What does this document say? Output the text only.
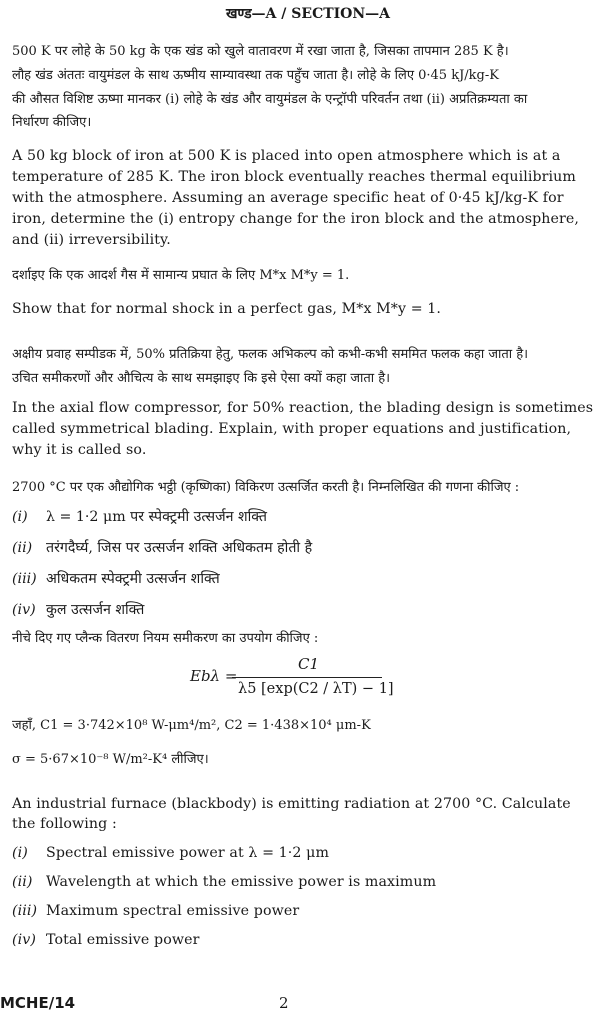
खण्ड—A / SECTION—A
500 K पर लोहे के 50 kg के एक खंड को खुले वातावरण में रखा जाता है, जिसका तापमान 285 K है।
लौह खंड अंततः वायुमंडल के साथ ऊष्मीय साम्यावस्था तक पहुँच जाता है। लोहे के लिए 0·45 kJ/kg-K
की औसत विशिष्ट ऊष्मा मानकर (i) लोहे के खंड और वायुमंडल के एन्ट्रॉपी परिवर्तन तथा (ii) अप्रतिक्रम्यता का
निर्धारण कीजिए।
A 50 kg block of iron at 500 K is placed into open atmosphere which is at a
temperature of 285 K. The iron block eventually reaches thermal equilibrium
with the atmosphere. Assuming an average specific heat of 0·45 kJ/kg-K for
iron, determine the (i) entropy change for the iron block and the atmosphere,
and (ii) irreversibility.
दर्शाइए कि एक आदर्श गैस में सामान्य प्रघात के लिए M*x M*y = 1.
Show that for normal shock in a perfect gas, M*x M*y = 1.
अक्षीय प्रवाह सम्पीडक में, 50% प्रतिक्रिया हेतु, फलक अभिकल्प को कभी-कभी सममित फलक कहा जाता है।
उचित समीकरणों और औचित्य के साथ समझाइए कि इसे ऐसा क्यों कहा जाता है।
In the axial flow compressor, for 50% reaction, the blading design is sometimes
called symmetrical blading. Explain, with proper equations and justification,
why it is called so.
2700 °C पर एक औद्योगिक भट्ठी (कृष्णिका) विकिरण उत्सर्जित करती है। निम्नलिखित की गणना कीजिए :
(i) λ = 1·2 μm पर स्पेक्ट्रमी उत्सर्जन शक्ति
(ii) तरंगदैर्घ्य, जिस पर उत्सर्जन शक्ति अधिकतम होती है
(iii) अधिकतम स्पेक्ट्रमी उत्सर्जन शक्ति
(iv) कुल उत्सर्जन शक्ति
नीचे दिए गए प्लैन्क वितरण नियम समीकरण का उपयोग कीजिए :
Ebλ =
C1
λ5 [exp(C2 / λT) − 1]
जहाँ, C1 = 3·742×10⁸ W-μm⁴/m², C2 = 1·438×10⁴ μm-K
σ = 5·67×10⁻⁸ W/m²-K⁴ लीजिए।
An industrial furnace (blackbody) is emitting radiation at 2700 °C. Calculate
the following :
(i) Spectral emissive power at λ = 1·2 μm
(ii) Wavelength at which the emissive power is maximum
(iii) Maximum spectral emissive power
(iv) Total emissive power
MCHE/14	2
